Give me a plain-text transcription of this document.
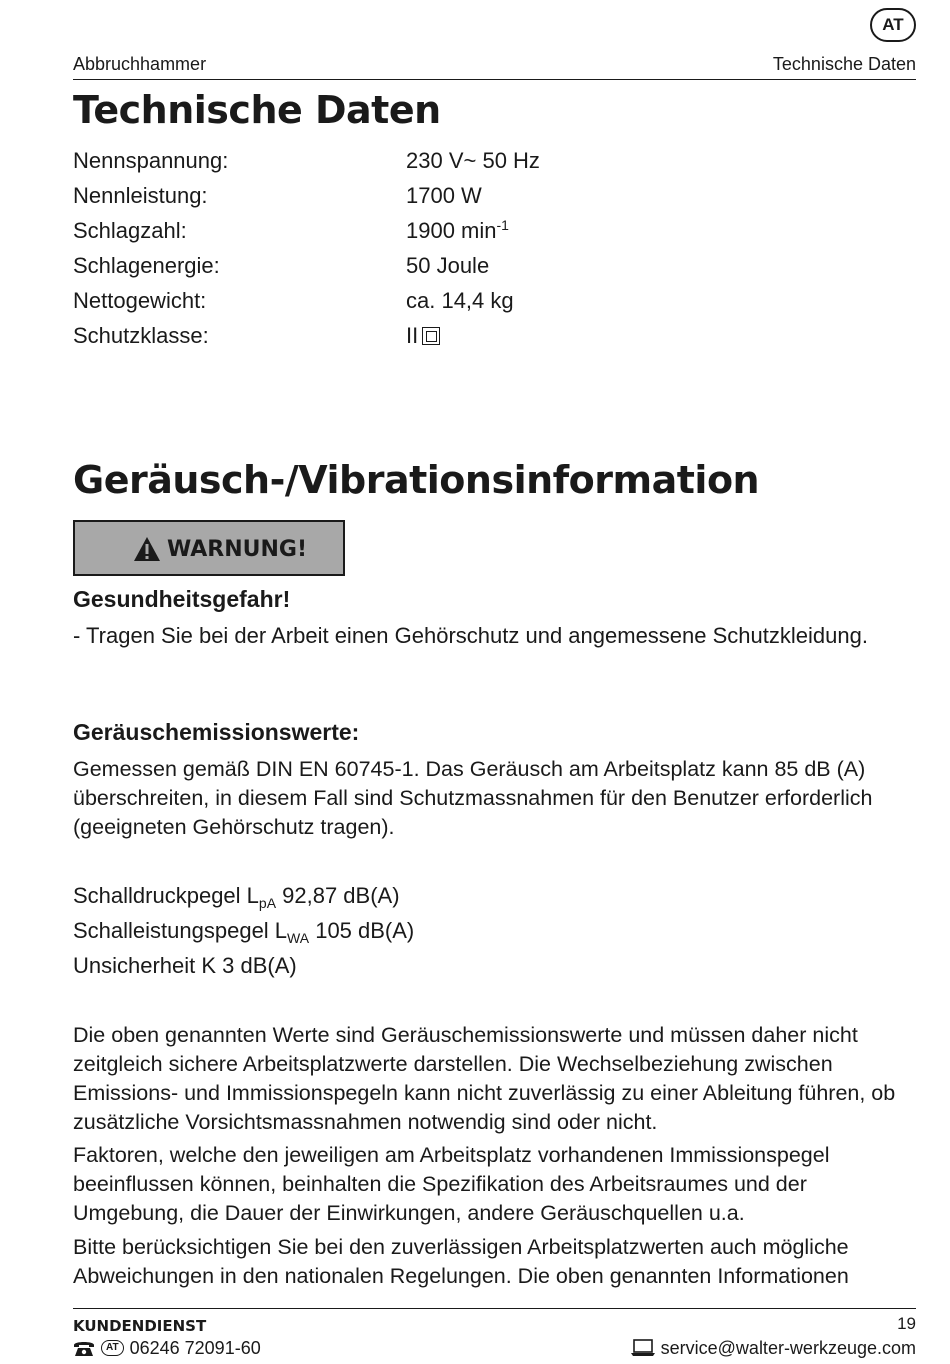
AT
Abbruchhammer	Technische Daten
Technische Daten
Nennspannung:	230 V~ 50 Hz
Nennleistung:	1700 W
Schlagzahl:	1900 $\min^{-1}$
Schlagenergie:	50 Joule
Nettogewicht:	ca. 14,4 kg
Schutzklasse:	II
Geräusch-/Vibrationsinformation
WARNUNG!
Gesundheitsgefahr!
- Tragen Sie bei der Arbeit einen Gehörschutz und angemessene Schutzkleidung.
Geräuschemissionswerte:
Gemessen gemäß DIN EN 60745-1. Das Geräusch am Arbeitsplatz kann 85 dB (A) überschreiten, in diesem Fall sind Schutzmassnahmen für den Benutzer erforderlich (geeigneten Gehörschutz tragen).
Schalldruckpegel $L_{pA}$ 92,87 dB(A)
Schalleistungspegel $L_{WA}$ 105 dB(A)
Unsicherheit K 3 dB(A)
Die oben genannten Werte sind Geräuschemissionswerte und müssen daher nicht zeitgleich sichere Arbeitsplatzwerte darstellen. Die Wechselbeziehung zwischen Emissions- und Immissionspegeln kann nicht zuverlässig zu einer Ableitung führen, ob zusätzliche Vorsichtsmassnahmen notwendig sind oder nicht.
Faktoren, welche den jeweiligen am Arbeitsplatz vorhandenen Immissionspegel beeinflussen können, beinhalten die Spezifikation des Arbeitsraumes und der Umgebung, die Dauer der Einwirkungen, andere Geräuschquellen u.a.
Bitte berücksichtigen Sie bei den zuverlässigen Arbeitsplatzwerten auch mögliche Abweichungen in den nationalen Regelungen. Die oben genannten Informationen
KUNDENDIENST	19
AT 06246 72091-60	service@walter-werkzeuge.com
